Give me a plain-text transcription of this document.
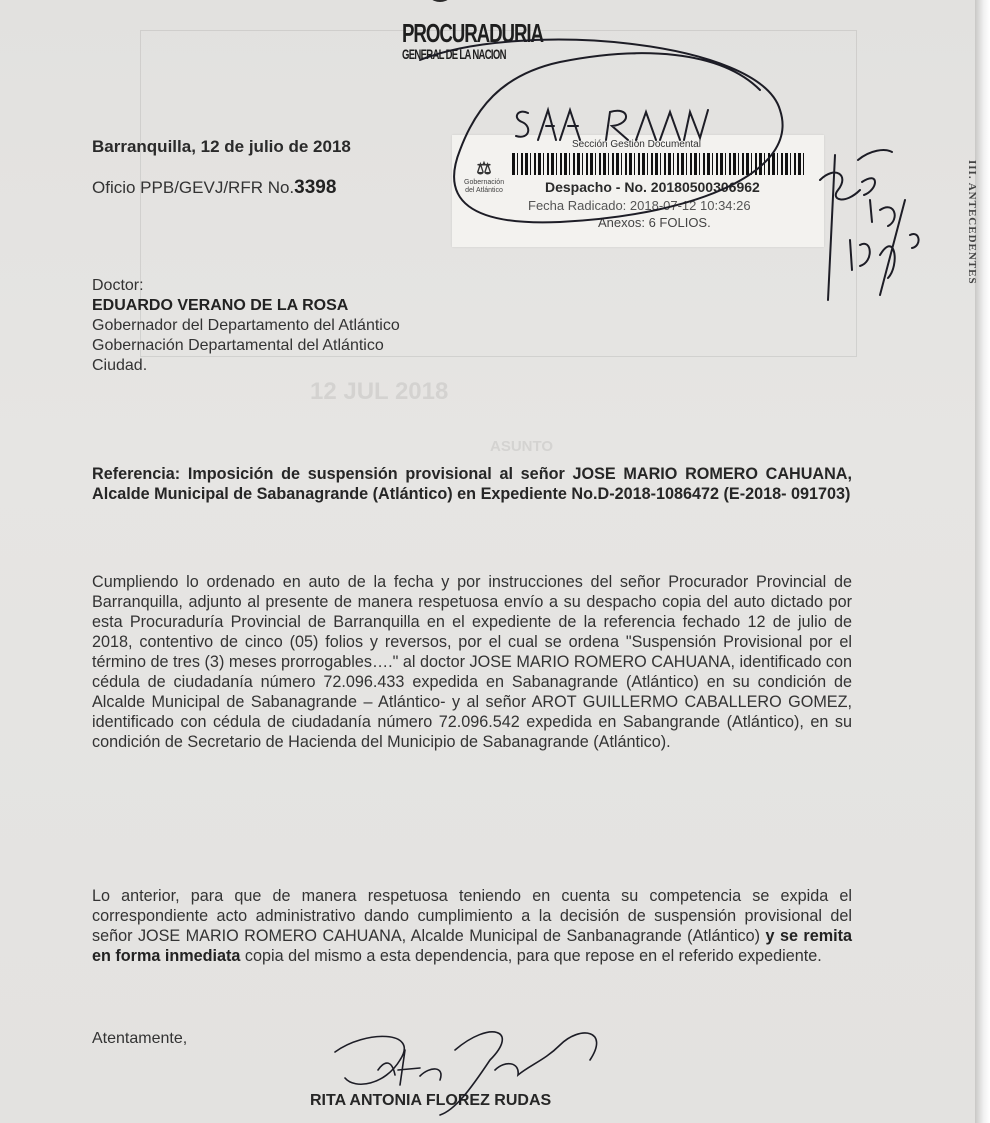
12 JUL 2018
ASUNTO
PROCURADURIA
GENERAL DE LA NACION
Barranquilla, 12 de julio de 2018
Oficio PPB/GEVJ/RFR No.3398
⚖
Gobernación
del Atlántico
Sección Gestión Documental
Despacho - No. 20180500306962
Fecha Radicado: 2018-07-12 10:34:26
Anexos: 6 FOLIOS.
Doctor:
EDUARDO VERANO DE LA ROSA
Gobernador del Departamento del Atlántico
Gobernación Departamental del Atlántico
Ciudad.
Referencia: Imposición de suspensión provisional al señor JOSE MARIO ROMERO CAHUANA, Alcalde Municipal de Sabanagrande (Atlántico) en Expediente No.D-2018-1086472 (E-2018- 091703)
Cumpliendo lo ordenado en auto de la fecha y por instrucciones del señor Procurador Provincial de Barranquilla, adjunto al presente de manera respetuosa envío a su despacho copia del auto dictado por esta Procuraduría Provincial de Barranquilla en el expediente de la referencia fechado 12 de julio de 2018, contentivo de cinco (05) folios y reversos, por el cual se ordena "Suspensión Provisional por el término de tres (3) meses prorrogables…." al doctor JOSE MARIO ROMERO CAHUANA, identificado con cédula de ciudadanía número 72.096.433 expedida en Sabanagrande (Atlántico) en su condición de Alcalde Municipal de Sabanagrande – Atlántico- y al señor AROT GUILLERMO CABALLERO GOMEZ, identificado con cédula de ciudadanía número 72.096.542 expedida en Sabangrande (Atlántico), en su condición de Secretario de Hacienda del Municipio de Sabanagrande (Atlántico).
Lo anterior, para que de manera respetuosa teniendo en cuenta su competencia se expida el correspondiente acto administrativo dando cumplimiento a la decisión de suspensión provisional del señor JOSE MARIO ROMERO CAHUANA, Alcalde Municipal de Sanbanagrande (Atlántico) y se remita en forma inmediata copia del mismo a esta dependencia, para que repose en el referido expediente.
Atentamente,
RITA ANTONIA FLOREZ RUDAS
III. ANTECEDENTES
